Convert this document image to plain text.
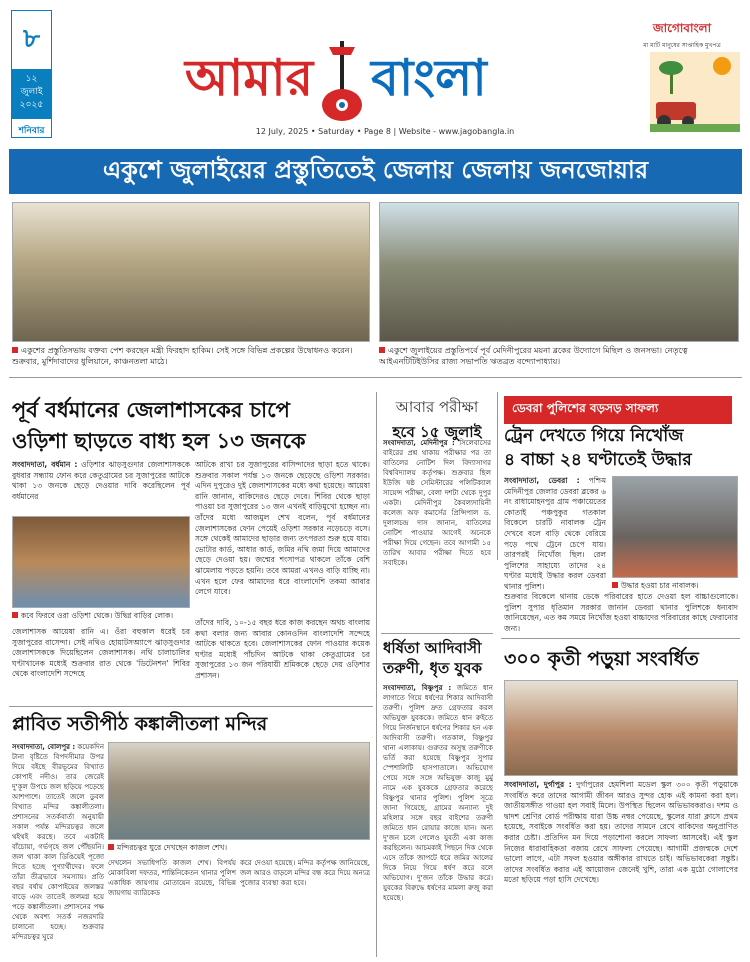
৮
১২ জুলাই ২০২৫
শনিবার
আমার বাংলা
12 July, 2025 • Saturday • Page 8 | Website - www.jagobangla.in
জাগোবাংলা
মা মাটি মানুষের সাপ্তাহিক মুখপত্র
একুশে জুলাইয়ের প্রস্তুতিতেই জেলায় জেলায় জনজোয়ার
একুশের প্রস্তুতিসভায় বক্তব্য পেশ করছেন মন্ত্রী ফিরহাদ হাকিম। সেই সঙ্গে বিভিন্ন প্রকল্পের উদ্বোধনও করেন। শুক্রবার, মুর্শিদাবাদের ধুলিয়ানে, কাঞ্চনতলা মাঠে।
একুশে জুলাইয়ের প্রস্তুতিপর্বে পূর্ব মেদিনীপুরের ময়না ব্লকের উদ্যোগে মিছিল ও জনসভা। নেতৃত্বে আইএনটিটিইউসির রাজ্য সভাপতি ঋতব্রত বন্দ্যোপাধ্যায়।
পূর্ব বর্ধমানের জেলাশাসকের চাপে
ওড়িশা ছাড়তে বাধ্য হল ১৩ জনকে
সংবাদদাতা, বর্ধমান : ওড়িশার ঝাড়সুগুদার জেলাশাসককে বুধবার সন্ধ্যায় ফোন করে কেতুগ্রামের চর সুজাপুরের আটকে থাকা ১৩ জনকে ছেড়ে দেওয়ার দাবি করেছিলেন পূর্ব বর্ধমানের
কবে ফিরবে ওরা ওড়িশা থেকে। উদ্বিগ্ন বাড়ির লোক।
জেলাশাসক আয়েষা রানি এ। ওঁরা বহুকাল ধরেই চর সুজাপুরের বাসেন্দা। সেই নথিও হোয়াটসঅ্যাপে ঝাড়সুগুদার জেলাশাসককে দিয়েছিলেন জেলাশাসক। নথি চালাচালির ঘণ্টাখানেক মধ্যেই শুক্রবার রাত থেকে 'ডিটেনশন' শিবির থেকে বাংলাদেশি সন্দেহে
আটকে রাখা চর সুজাপুরের বাসিন্দাদের ছাড়া হতে থাকে। শুক্রবার সকাল পর্যন্ত ১৩ জনকে ছেড়েছে ওড়িশা সরকার। এদিন দুপুরেও দুই জেলাশাসকের মধ্যে কথা হয়েছে। আয়েষা রানি জানান, বাকিদেরও ছেড়ে দেবে। শিবির থেকে ছাড়া পাওয়া চর সুজাপুরের ১৩ জন এখনই বাড়িমুখো হচ্ছেন না। তাঁদের মধ্যে আজমুল শেখ বলেন, পূর্ব বর্ধমানের জেলাশাসকের ফোন পেয়েই ওড়িশা সরকার নড়েচড়ে বসে। সঙ্গে থেকেই আমাদের ছাড়ার জন্য তৎপরতা শুরু হয়ে যায়। ভোটার কার্ড, আধার কার্ড, জমির নথি জমা দিয়ে আমাদের ছেড়ে দেওয়া হয়। জন্মের শংসাপত্র থাকলে তাঁকে বেশি ঝামেলায় পড়তে হয়নি। তবে আমরা এখনও বাড়ি যাচ্ছি না। এখন হলে ফের আমাদের ধরে বাংলাদেশি তকমা আবার লেগে যাবে।
তাঁদের দাবি, ১০-১৫ বছর ধরে কাজ করছেন অথচ বাংলায় কথা বলার জন্য আবার কোনওদিন বাংলাদেশি সন্দেহে আটকে থাকতে হবে। জেলাশাসকের ফোন পাওয়ার কয়েক ঘণ্টার মধ্যেই পাঁচদিন আটকে থাকা কেতুগ্রামের চর সুজাপুরের ১৩ জন পরিযায়ী শ্রমিককে ছেড়ে দেয় ওড়িশার প্রশাসন।
আবার পরীক্ষা
হবে ১৫ জুলাই
সংবাদদাতা, মেদিনীপুর : সিলেবাসের বাইরের প্রশ্ন থাকায় পরীক্ষার পর তা বাতিলের নোটিশ দিল বিদ্যাসাগর বিশ্ববিদ্যালয় কর্তৃপক্ষ। শুক্রবার ছিল ইউজি ষষ্ঠ সেমিস্টারের পলিটিক্যাল সায়েন্স পরীক্ষা, বেলা দশটা থেকে দুপুর একটা। মেদিনীপুর কৈবল্যদায়িনী কলেজ অফ কমার্সের প্রিন্সিপাল ড. দুলালচন্দ্র দাস জানান, বাতিলের নোটিশ পাওয়ার আগেই অনেকে পরীক্ষা দিয়ে গেছেন। তবে আগামী ১৫ তারিখ আবার পরীক্ষা দিতে হবে সবাইকে।
ধর্ষিতা আদিবাসী
তরুণী, ধৃত যুবক
সংবাদদাতা, বিষ্ণুপুর : জমিতে ধান লাগাতে গিয়ে ধর্ষণের শিকার আদিবাসী তরুণী। পুলিশ দ্রুত গ্রেফতার করল অভিযুক্ত যুবককে। জমিতে ধান রুইতে গিয়ে নির্জনস্থানে ধর্ষণের শিকার হন এক আদিবাসী তরুণী। গতকাল, বিষ্ণুপুর থানা এলাকায়। গুরুতর অসুস্থ তরুণীকে ভর্তি করা হয়েছে বিষ্ণুপুর সুপার স্পেশালিটি হাসপাতালে। অভিযোগ পেয়ে সঙ্গে সঙ্গে অভিযুক্ত কাজু মুর্মু নামে এক যুবককে গ্রেফতার করেছে বিষ্ণুপুর থানার পুলিশ। পুলিশ সূত্রে জানা গিয়েছে, গ্রামের অন্যান্য দুই মহিলার সঙ্গে বছর বাইশের তরুণী জমিতে ধান রোয়ার কাজে যান। অন্য দু'জন চলে গেলেও যুবতী একা কাজ করছিলেন। আচমকাই পিছনে দিক থেকে এসে তাঁকে জাপটে ধরে জমির আলের দিকে নিয়ে গিয়ে ধর্ষণ করে বলে অভিযোগ। দু'জন তাঁকে উদ্ধার করে। যুবকের বিরুদ্ধে ধর্ষণের মামলা রুজু করা হয়েছে।
ডেবরা পুলিশের বড়সড় সাফল্য
ট্রেন দেখতে গিয়ে নিখোঁজ
৪ বাচ্চা ২৪ ঘণ্টাতেই উদ্ধার
সংবাদদাতা, ডেবরা : পশ্চিম মেদিনীপুর জেলার ডেবরা ব্লকের ৬ নং রাধামোহনপুর গ্রাম পঞ্চায়েতের কোতাই পঞ্চপুকুর গতকাল বিকেলে চারটি নাবালক ট্রেন দেখবে বলে বাড়ি থেকে বেরিয়ে পড়ে পথে ট্রেনে চেপে যায়। তারপরই নিখোঁজ ছিল। রেল পুলিশের সাহায্যে তাদের ২৪ ঘণ্টার মধ্যেই উদ্ধার করল ডেবরা থানার পুলিশ।	উদ্ধার হওয়া চার নাবালক।
শুক্রবার বিকেলে থানায় ডেকে পরিবারের হাতে দেওয়া হল বাচ্চাগুলোকে। পুলিশ সুপার ধৃতিমান সরকার জানান ডেবরা থানার পুলিশকে ধন্যবাদ জানিয়েছেন, এত কম সময়ে নিখোঁজ হওয়া বাচ্চাদের পরিবারের কাছে ফেরানোর জন্য।
৩০০ কৃতী পড়ুয়া সংবর্ধিত
সংবাদদাতা, দুর্গাপুর : দুর্গাপুরের হেমশিলা মডেল স্কুল ৩০০ কৃতী পড়ুয়াকে সংবর্ধিত করে তাদের আগামী জীবন আরও সুন্দর হোক এই কামনা করা হল। জাতীয়সঙ্গীত গাওয়া হল সবাই মিলে। উপস্থিত ছিলেন অভিভাবকরাও। দশম ও দ্বাদশ শ্রেণির বোর্ড পরীক্ষায় যারা উচ্চ নম্বর পেয়েছে, স্কুলের যারা ক্লাসে প্রথম হয়েছে, সবাইকে সংবর্ধিত করা হয়। তাদের সামনে রেখে বাকিদের অনুপ্রাণিত করার চেষ্টা। প্রতিদিন মন দিয়ে পড়াশোনা করলে সাফল্য আসবেই। এই স্কুল নিজের ধারাবাহিকতা বজায় রেখে সাফল্য পেয়েছে। আগামী প্রজন্মকে দেশে ভালো লাগে, এটা সফল হওয়ার অঙ্গীকার রাখতে চাই। অভিভাবকেরা সন্তুষ্ট। তাদের সংবর্ধিত করার এই আয়োজন জেনেই খুশি, তারা এক মুঠো গোলাপের মতো ছড়িয়ে পড়া হাসি দেখেছে।
প্লাবিত সতীপীঠ কঙ্কালীতলা মন্দির
সংবাদদাতা, বোলপুর : কয়েকদিন টানা বৃষ্টিতে বিপদসীমার উপর দিয়ে বইছে বীরভূমের বিখ্যাত কোপাই নদীও। তার জেরেই দু'কূল উপচে জল ছড়িয়ে পড়েছে আশপাশে। তাতেই জলে ডুবল বিখ্যাত মন্দির কঙ্কালীতলা। প্রশাসনের সতর্কবার্তা অনুযায়ী সকাল পর্যন্ত মন্দিরচত্বর জলে থইথই করছে। তবে একটাই বাঁচোয়া, গর্ভগৃহে জল পৌঁছয়নি। জল থাকা কাল ডিঙিয়েই পূজো দিতে হচ্ছে পুণ্যার্থীদের। ফলে তাঁরা তীব্রভাবে সমস্যায়। প্রতি বছর বর্ষায় কোপাইয়ের জলস্তর বাড়ে এবং তাতেই জলমগ্ন হয়ে পড়ে কঙ্কালীতলা। প্রশাসনের পক্ষ থেকে অবশ্য সতর্ক নজরদারি চালানো হচ্ছে। শুক্রবার মন্দিরচত্বর ঘুরে
মন্দিরচত্বর ঘুরে দেখছেন কাজল শেখ।
দেখলেন সভাধিপতি কাজল শেখ। বিপর্যয় মোকাবিলা দফতর, শান্তিনিকেতন থানার পুলিশ একাধিক জায়গায় মোতায়েন রয়েছে, বিভিন্ন জায়গায় ব্যারিকেড
করে দেওয়া হয়েছে। মন্দির কর্তৃপক্ষ জানিয়েছে, জল আরও বাড়লে মন্দির বন্ধ করে দিয়ে অন্যত্র পুজোর ব্যবস্থা করা হবে।
